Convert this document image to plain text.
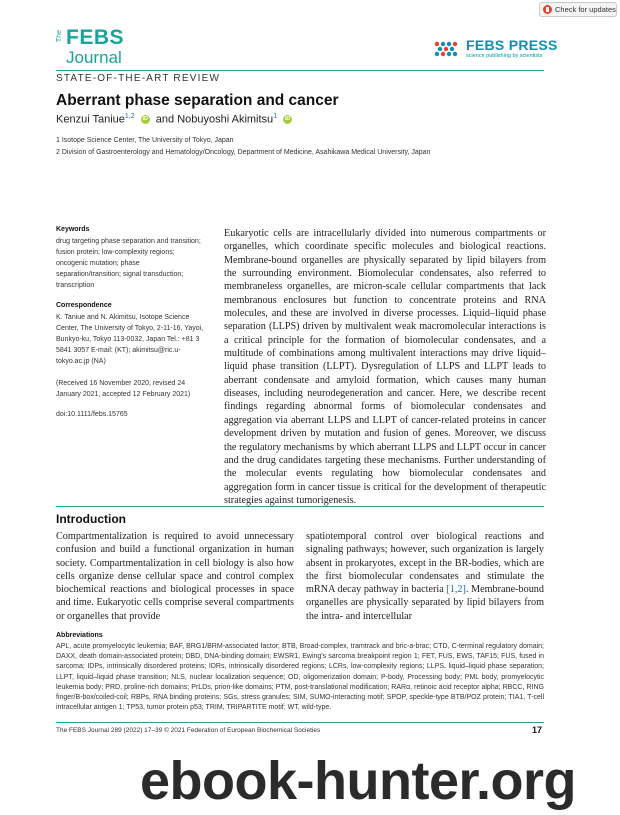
Check for updates
The FEBS
Journal
FEBS PRESS
science publishing by scientists
STATE-OF-THE-ART REVIEW
Aberrant phase separation and cancer
Kenzui Taniue$^{1,2}$ iD and Nobuyoshi Akimitsu$^1$ iD
1 Isotope Science Center, The University of Tokyo, Japan
2 Division of Gastroenterology and Hematology/Oncology, Department of Medicine, Asahikawa Medical University, Japan
Keywords
drug targeting phase separation and transition; fusion protein; low-complexity regions; oncogenic mutation; phase separation/transition; signal transduction; transcription
Correspondence
K. Taniue and N. Akimitsu, Isotope Science Center, The University of Tokyo, 2-11-16, Yayoi, Bunkyo-ku, Tokyo 113-0032, Japan Tel.: +81 3 5841 3057 E-mail: (KT); akimitsu@ric.u-tokyo.ac.jp (NA)
(Received 16 November 2020, revised 24 January 2021, accepted 12 February 2021)
doi:10.1111/febs.15765
Eukaryotic cells are intracellularly divided into numerous compartments or organelles, which coordinate specific molecules and biological reactions. Membrane-bound organelles are physically separated by lipid bilayers from the surrounding environment. Biomolecular condensates, also referred to membraneless organelles, are micron-scale cellular compartments that lack membranous enclosures but function to concentrate proteins and RNA molecules, and these are involved in diverse processes. Liquid–liquid phase separation (LLPS) driven by multivalent weak macromolecular interactions is a critical principle for the formation of biomolecular condensates, and a multitude of combinations among multivalent interactions may drive liquid–liquid phase transition (LLPT). Dysregulation of LLPS and LLPT leads to aberrant condensate and amyloid formation, which causes many human diseases, including neurodegeneration and cancer. Here, we describe recent findings regarding abnormal forms of biomolecular condensates and aggregation via aberrant LLPS and LLPT of cancer-related proteins in cancer development driven by mutation and fusion of genes. Moreover, we discuss the regulatory mechanisms by which aberrant LLPS and LLPT occur in cancer and the drug candidates targeting these mechanisms. Further understanding of the molecular events regulating how biomolecular condensates and aggregation form in cancer tissue is critical for the development of therapeutic strategies against tumorigenesis.
Introduction
Compartmentalization is required to avoid unnecessary confusion and build a functional organization in human society. Compartmentalization in cell biology is also how cells organize dense cellular space and control complex biochemical reactions and biological processes in space and time. Eukaryotic cells comprise several compartments or organelles that provide
spatiotemporal control over biological reactions and signaling pathways; however, such organization is largely absent in prokaryotes, except in the BR-bodies, which are the first biomolecular condensates and stimulate the mRNA decay pathway in bacteria [1,2]. Membrane-bound organelles are physically separated by lipid bilayers from the intra- and intercellular
Abbreviations
APL, acute promyelocytic leukemia; BAF, BRG1/BRM-associated factor; BTB, Broad-complex, tramtrack and bric-a-brac; CTD, C-terminal regulatory domain; DAXX, death domain-associated protein; DBD, DNA-binding domain; EWSR1, Ewing's sarcoma breakpoint region 1; FET, FUS, EWS, TAF15; FUS, fused in sarcoma; IDPs, intrinsically disordered proteins; IDRs, intrinsically disordered regions; LCRs, low-complexity regions; LLPS, liquid–liquid phase separation; LLPT, liquid–liquid phase transition; NLS, nuclear localization sequence; OD, oligomerization domain; P-body, Processing body; PML body, promyelocytic leukemia body; PRD, proline-rich domains; PrLDs, prion-like domains; PTM, post-translational modification; RARα, retinoic acid receptor alpha; RBCC, RING finger/B-box/coiled-coil; RBPs, RNA binding proteins; SGs, stress granules; SIM, SUMO-interacting motif; SPOP, speckle-type BTB/POZ protein; TIA1, T-cell intracellular antigen 1; TP53, tumor protein p53; TRIM, TRIPARTITE motif; WT, wild-type.
The FEBS Journal 289 (2022) 17–39 © 2021 Federation of European Biochemical Societies	17
ebook-hunter.org
